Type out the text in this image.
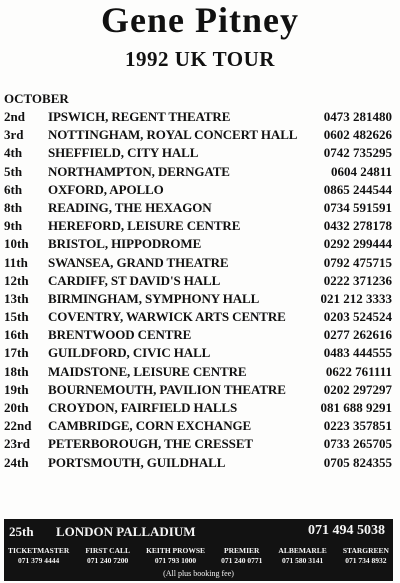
Gene Pitney
1992 UK TOUR
OCTOBER
2nd	IPSWICH, REGENT THEATRE	0473 281480
3rd	NOTTINGHAM, ROYAL CONCERT HALL 0602 482626
4th	SHEFFIELD, CITY HALL	0742 735295
5th	NORTHAMPTON, DERNGATE	0604 24811
6th	OXFORD, APOLLO	0865 244544
8th	READING, THE HEXAGON	0734 591591
9th	HEREFORD, LEISURE CENTRE	0432 278178
10th	BRISTOL, HIPPODROME	0292 299444
11th	SWANSEA, GRAND THEATRE	0792 475715
12th	CARDIFF, ST DAVID'S HALL	0222 371236
13th	BIRMINGHAM, SYMPHONY HALL	021 212 3333
15th	COVENTRY, WARWICK ARTS CENTRE	0203 524524
16th	BRENTWOOD CENTRE	0277 262616
17th	GUILDFORD, CIVIC HALL	0483 444555
18th	MAIDSTONE, LEISURE CENTRE	0622 761111
19th	BOURNEMOUTH, PAVILION THEATRE	0202 297297
20th	CROYDON, FAIRFIELD HALLS	081 688 9291
22nd	CAMBRIDGE, CORN EXCHANGE	0223 357851
23rd	PETERBOROUGH, THE CRESSET	0733 265705
24th	PORTSMOUTH, GUILDHALL	0705 824355
25th LONDON PALLADIUM	071 494 5038
TICKETMASTER
071 379 4444
FIRST CALL
071 240 7200
KEITH PROWSE
071 793 1000
PREMIER
071 240 0771
ALBEMARLE
071 580 3141
STARGREEN
071 734 8932
(All plus booking fee)
